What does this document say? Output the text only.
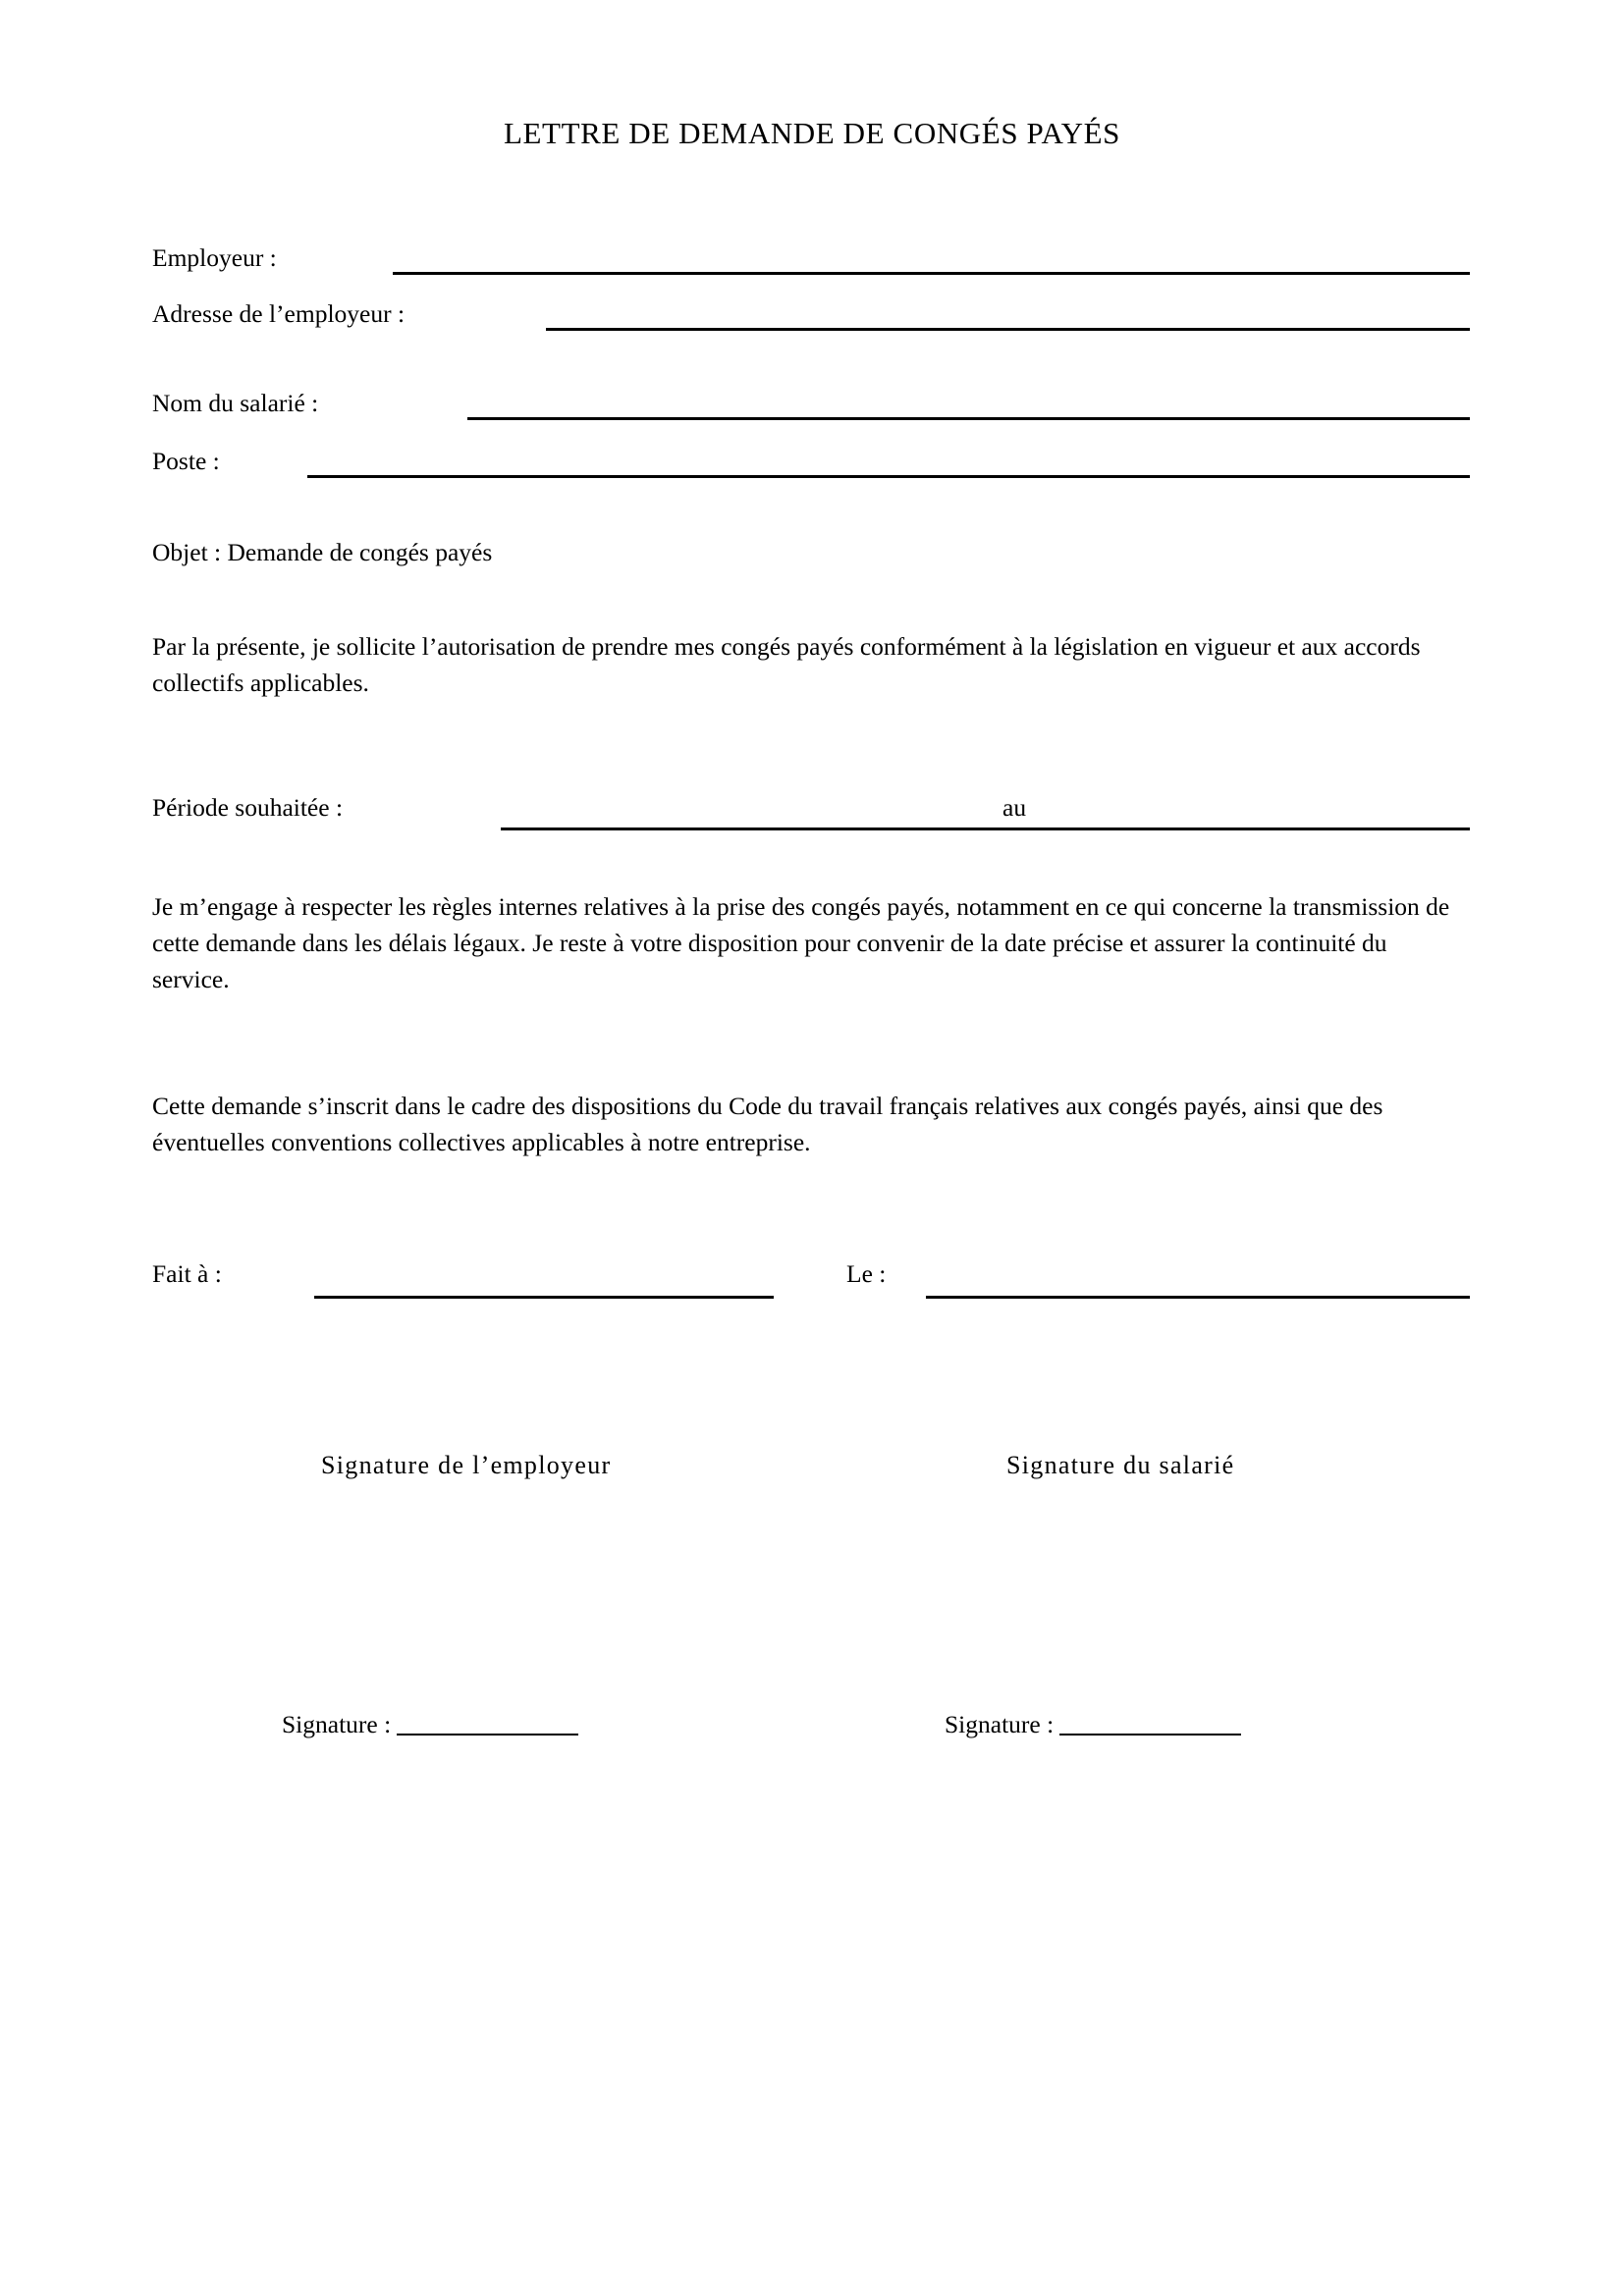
LETTRE DE DEMANDE DE CONGÉS PAYÉS
Employeur :
Adresse de l’employeur :
Nom du salarié :
Poste :
Objet : Demande de congés payés
Par la présente, je sollicite l’autorisation de prendre mes congés payés conformément à la législation en vigueur et aux accords collectifs applicables.
Période souhaitée :	au
Je m’engage à respecter les règles internes relatives à la prise des congés payés, notamment en ce qui concerne la transmission de cette demande dans les délais légaux. Je reste à votre disposition pour convenir de la date précise et assurer la continuité du service.
Cette demande s’inscrit dans le cadre des dispositions du Code du travail français relatives aux congés payés, ainsi que des éventuelles conventions collectives applicables à notre entreprise.
Fait à :	Le :
Signature de l’employeur	Signature du salarié
Signature :	Signature :
